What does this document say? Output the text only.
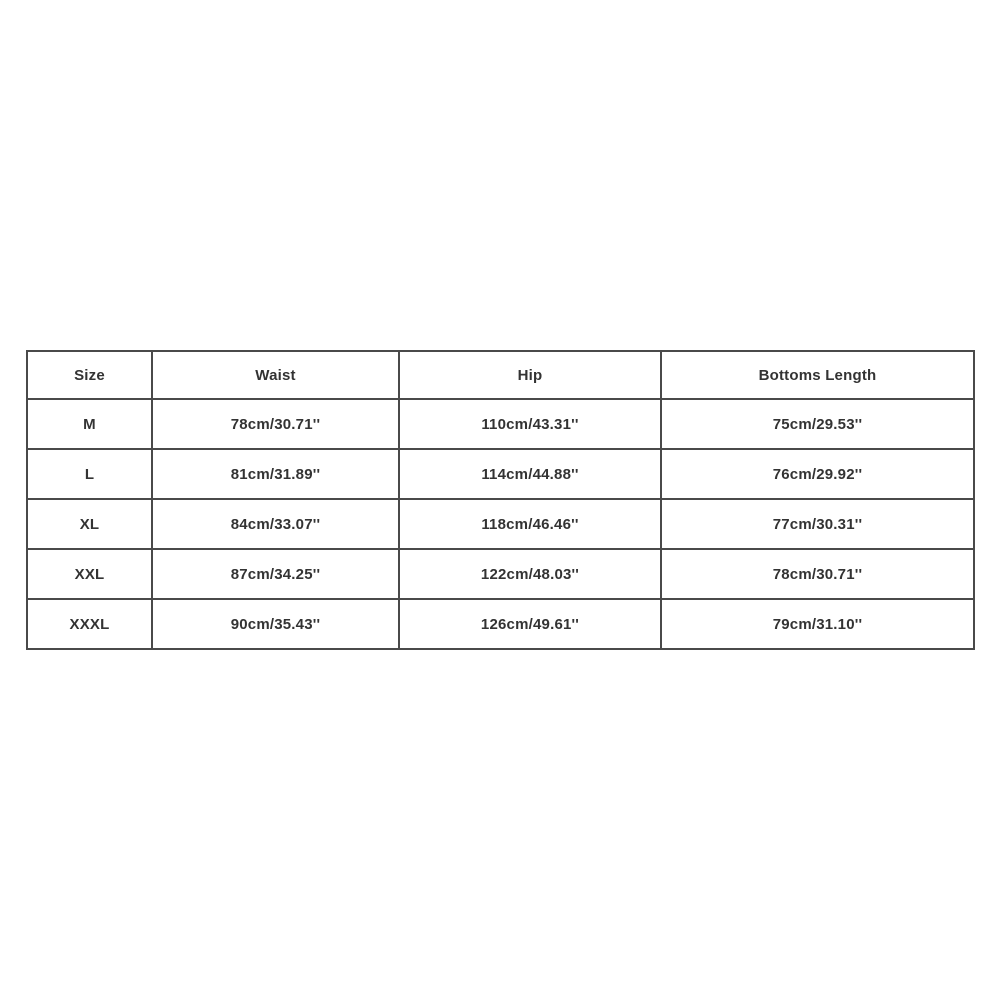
Size	Waist	Hip	Bottoms Length
M	78cm/30.71''	110cm/43.31''	75cm/29.53''
L	81cm/31.89''	114cm/44.88''	76cm/29.92''
XL	84cm/33.07''	118cm/46.46''	77cm/30.31''
XXL	87cm/34.25''	122cm/48.03''	78cm/30.71''
XXXL	90cm/35.43''	126cm/49.61''	79cm/31.10''
